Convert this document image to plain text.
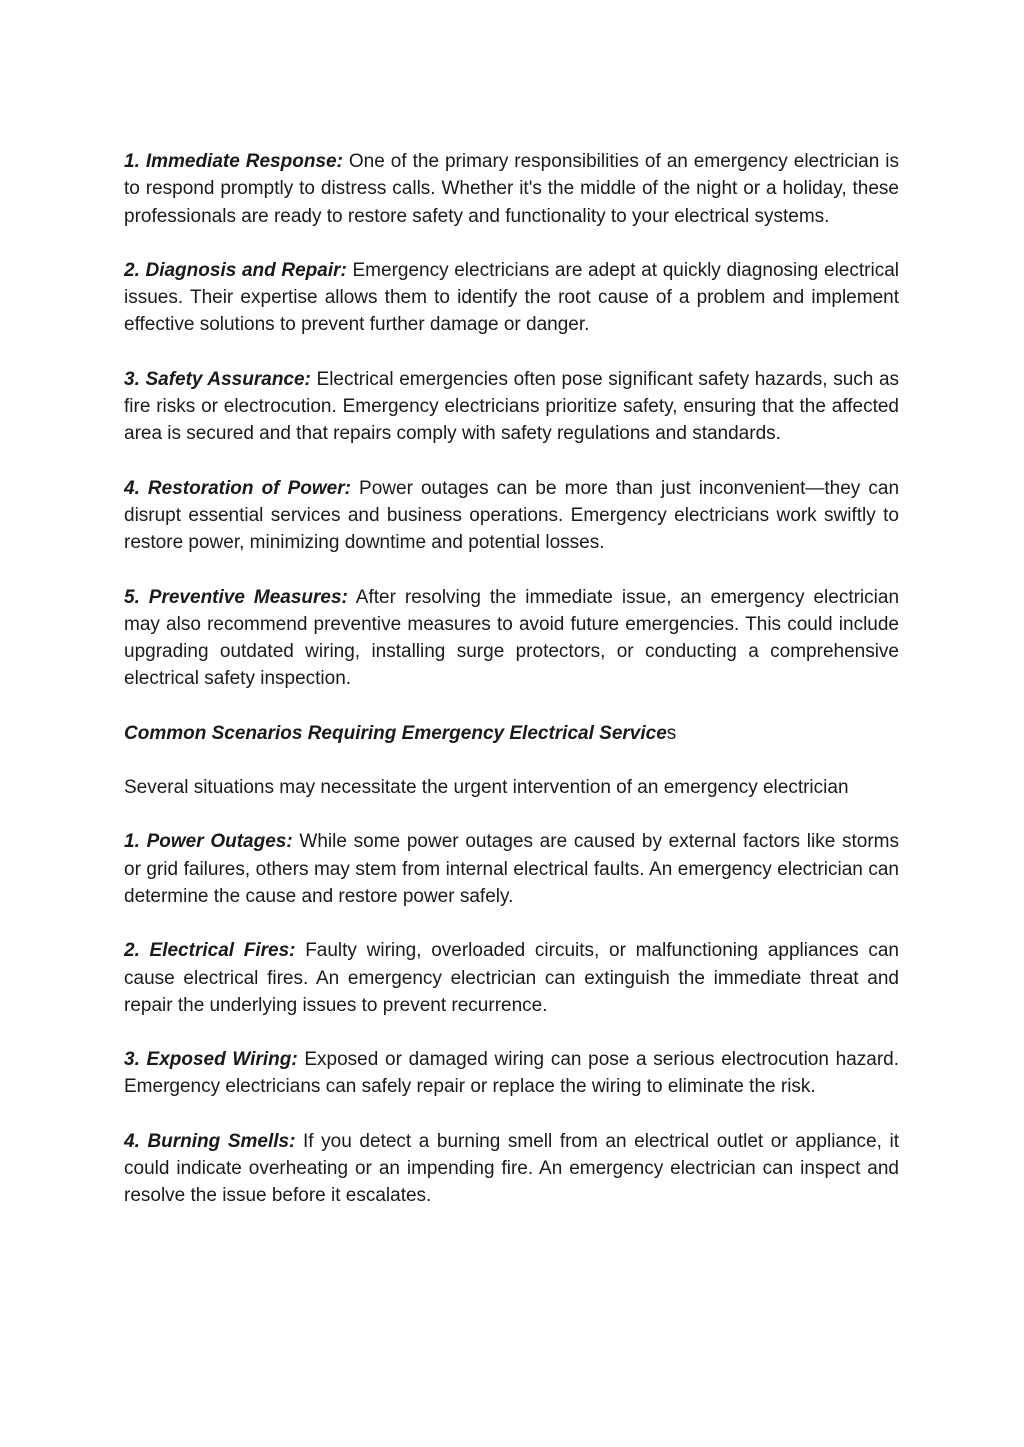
1. Immediate Response: One of the primary responsibilities of an emergency electrician is to respond promptly to distress calls. Whether it's the middle of the night or a holiday, these professionals are ready to restore safety and functionality to your electrical systems.

2. Diagnosis and Repair: Emergency electricians are adept at quickly diagnosing electrical issues. Their expertise allows them to identify the root cause of a problem and implement effective solutions to prevent further damage or danger.

3. Safety Assurance: Electrical emergencies often pose significant safety hazards, such as fire risks or electrocution. Emergency electricians prioritize safety, ensuring that the affected area is secured and that repairs comply with safety regulations and standards.

4. Restoration of Power: Power outages can be more than just inconvenient—they can disrupt essential services and business operations. Emergency electricians work swiftly to restore power, minimizing downtime and potential losses.

5. Preventive Measures: After resolving the immediate issue, an emergency electrician may also recommend preventive measures to avoid future emergencies. This could include upgrading outdated wiring, installing surge protectors, or conducting a comprehensive electrical safety inspection.

Common Scenarios Requiring Emergency Electrical Services

Several situations may necessitate the urgent intervention of an emergency electrician

1. Power Outages: While some power outages are caused by external factors like storms or grid failures, others may stem from internal electrical faults. An emergency electrician can determine the cause and restore power safely.

2. Electrical Fires: Faulty wiring, overloaded circuits, or malfunctioning appliances can cause electrical fires. An emergency electrician can extinguish the immediate threat and repair the underlying issues to prevent recurrence.

3. Exposed Wiring: Exposed or damaged wiring can pose a serious electrocution hazard. Emergency electricians can safely repair or replace the wiring to eliminate the risk.

4. Burning Smells: If you detect a burning smell from an electrical outlet or appliance, it could indicate overheating or an impending fire. An emergency electrician can inspect and resolve the issue before it escalates.
